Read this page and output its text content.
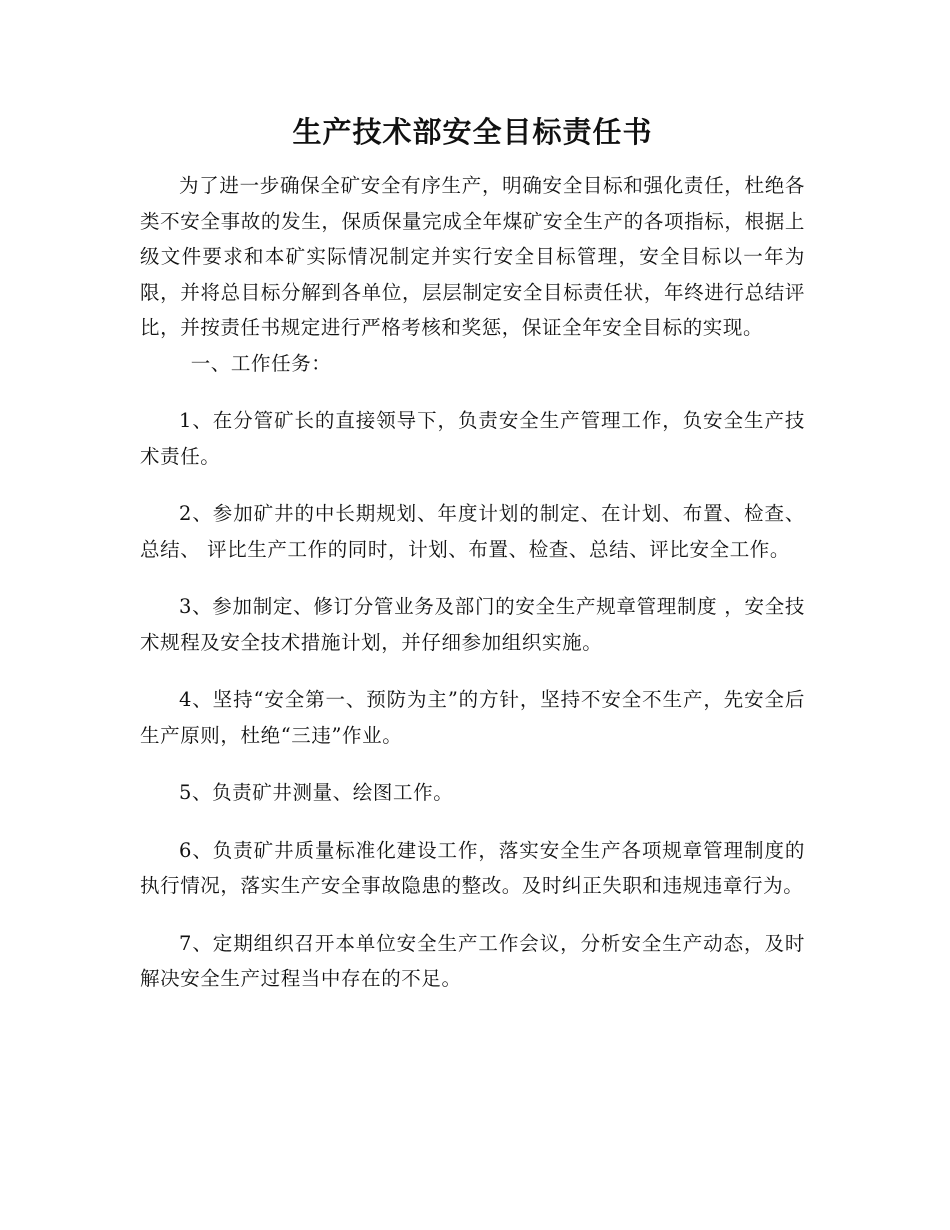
生产技术部安全目标责任书

为了进一步确保全矿安全有序生产，明确安全目标和强化责任，杜绝各类不安全事故的发生，保质保量完成全年煤矿安全生产的各项指标，根据上级文件要求和本矿实际情况制定并实行安全目标管理，安全目标以一年为限，并将总目标分解到各单位，层层制定安全目标责任状，年终进行总结评比，并按责任书规定进行严格考核和奖惩，保证全年安全目标的实现。

一、工作任务：

1、在分管矿长的直接领导下，负责安全生产管理工作，负安全生产技术责任。

2、参加矿井的中长期规划、年度计划的制定、在计划、布置、检查、总结、 评比生产工作的同时，计划、布置、检查、总结、评比安全工作。

3、参加制定、修订分管业务及部门的安全生产规章管理制度 ，安全技术规程及安全技术措施计划，并仔细参加组织实施。

4、坚持“安全第一、预防为主”的方针，坚持不安全不生产，先安全后生产原则，杜绝“三违”作业。

5、负责矿井测量、绘图工作。

6、负责矿井质量标准化建设工作，落实安全生产各项规章管理制度的执行情况，落实生产安全事故隐患的整改。及时纠正失职和违规违章行为。

7、定期组织召开本单位安全生产工作会议，分析安全生产动态，及时解决安全生产过程当中存在的不足。
